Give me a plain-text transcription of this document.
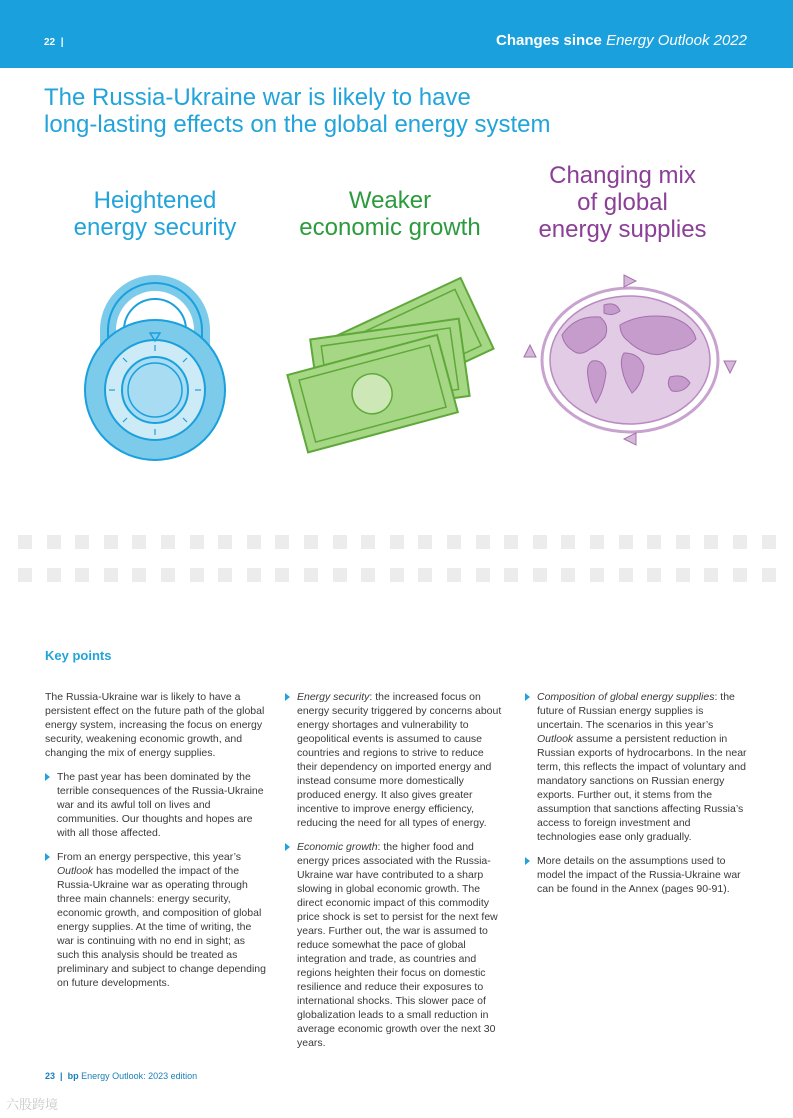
22 |	Changes since Energy Outlook 2022
The Russia-Ukraine war is likely to have
long-lasting effects on the global energy system
Heightened
energy security
Weaker
economic growth
Changing mix
of global
energy supplies
Key points

The Russia-Ukraine war is likely to have a persistent effect on the future path of the global energy system, increasing the focus on energy security, weakening economic growth, and changing the mix of energy supplies.

The past year has been dominated by the terrible consequences of the Russia-Ukraine war and its awful toll on lives and communities. Our thoughts and hopes are with all those affected.

From an energy perspective, this year’s Outlook has modelled the impact of the Russia-Ukraine war as operating through three main channels: energy security, economic growth, and composition of global energy supplies. At the time of writing, the war is continuing with no end in sight; as such this analysis should be treated as preliminary and subject to change depending on future developments.

Energy security: the increased focus on energy security triggered by concerns about energy shortages and vulnerability to geopolitical events is assumed to cause countries and regions to strive to reduce their dependency on imported energy and instead consume more domestically produced energy. It also gives greater incentive to improve energy efficiency, reducing the need for all types of energy.

Economic growth: the higher food and energy prices associated with the Russia-Ukraine war have contributed to a sharp slowing in global economic growth. The direct economic impact of this commodity price shock is set to persist for the next few years. Further out, the war is assumed to reduce somewhat the pace of global integration and trade, as countries and regions heighten their focus on domestic resilience and reduce their exposures to international shocks. This slower pace of globalization leads to a small reduction in average economic growth over the next 30 years.

Composition of global energy supplies: the future of Russian energy supplies is uncertain. The scenarios in this year’s Outlook assume a persistent reduction in Russian exports of hydrocarbons. In the near term, this reflects the impact of voluntary and mandatory sanctions on Russian energy exports. Further out, it stems from the assumption that sanctions affecting Russia’s access to foreign investment and technologies ease only gradually.

More details on the assumptions used to model the impact of the Russia-Ukraine war can be found in the Annex (pages 90-91).

23 | bp Energy Outlook: 2023 edition
六股跨境
